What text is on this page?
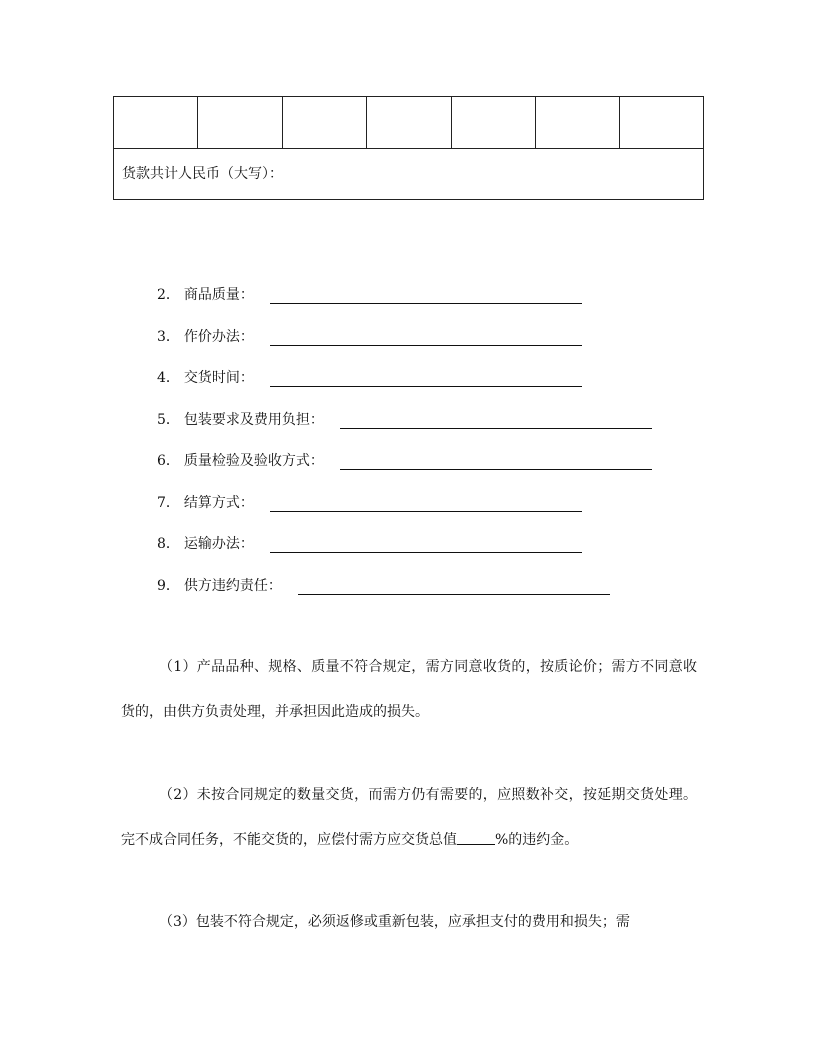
货款共计人民币（大写）：
2． 商品质量：
3． 作价办法：
4． 交货时间：
5． 包装要求及费用负担：
6． 质量检验及验收方式：
7． 结算方式：
8． 运输办法：
9． 供方违约责任：
（1）产品品种、规格、质量不符合规定，需方同意收货的，按质论价；需方不同意收货的，由供方负责处理，并承担因此造成的损失。
（2）未按合同规定的数量交货，而需方仍有需要的，应照数补交，按延期交货处理。完不成合同任务，不能交货的，应偿付需方应交货总值	%的违约金。
（3）包装不符合规定，必须返修或重新包装，应承担支付的费用和损失；需
